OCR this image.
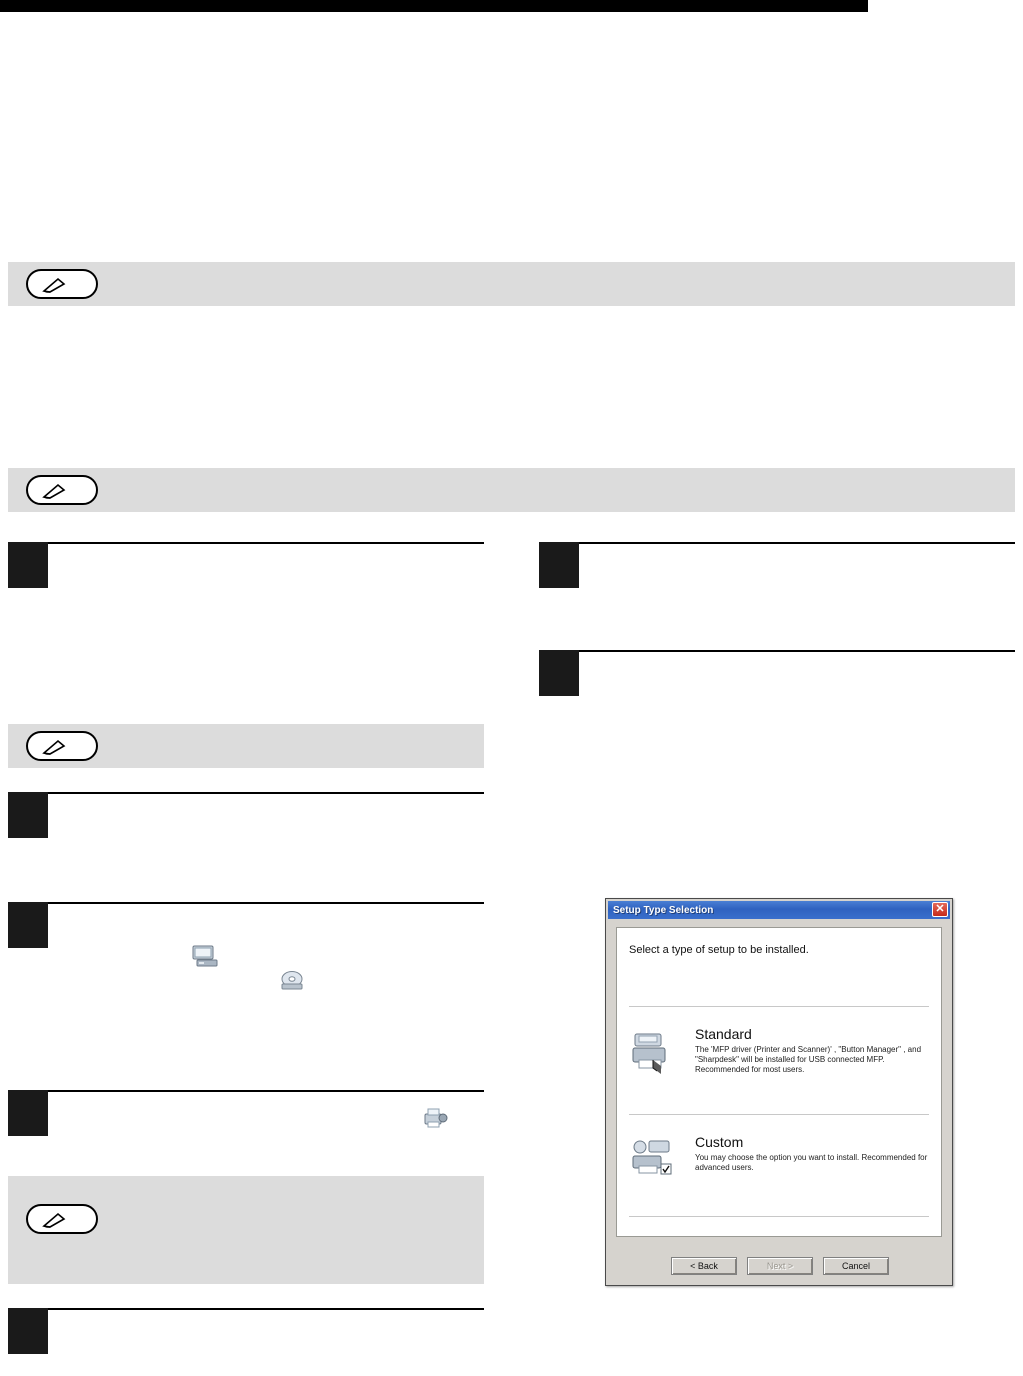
Setup Type Selection	✕
Select a type of setup to be installed.
Standard
The 'MFP driver (Printer and Scanner)' , "Button Manager" , and "Sharpdesk" will be installed for USB connected MFP. Recommended for most users.
Custom
You may choose the option you want to install. Recommended for advanced users.
< Back	Next >	Cancel
